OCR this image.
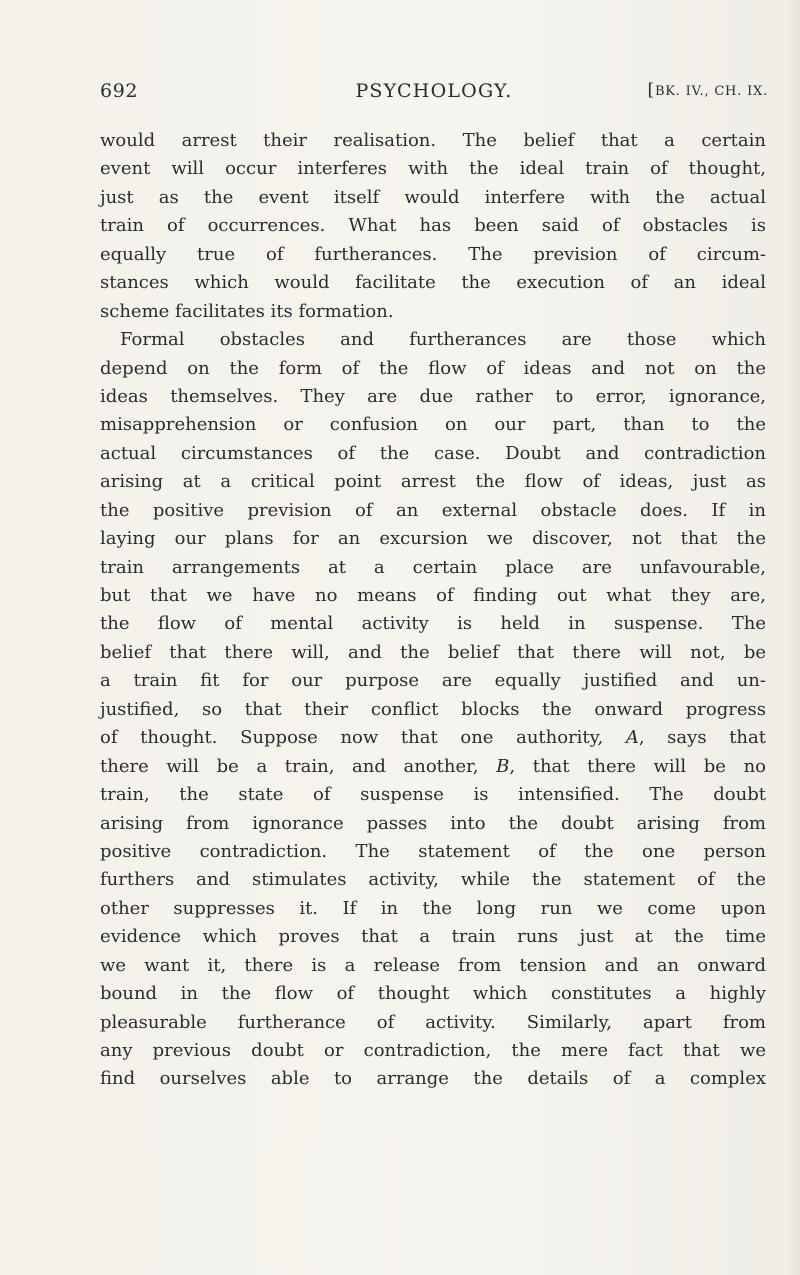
692	PSYCHOLOGY.	[BK. IV., CH. IX.
would arrest their realisation. The belief that a certain
event will occur interferes with the ideal train of thought,
just as the event itself would interfere with the actual
train of occurrences. What has been said of obstacles is
equally true of furtherances. The prevision of circum-
stances which would facilitate the execution of an ideal
scheme facilitates its formation.
Formal obstacles and furtherances are those which
depend on the form of the flow of ideas and not on the
ideas themselves. They are due rather to error, ignorance,
misapprehension or confusion on our part, than to the
actual circumstances of the case. Doubt and contradiction
arising at a critical point arrest the flow of ideas, just as
the positive prevision of an external obstacle does. If in
laying our plans for an excursion we discover, not that the
train arrangements at a certain place are unfavourable,
but that we have no means of finding out what they are,
the flow of mental activity is held in suspense. The
belief that there will, and the belief that there will not, be
a train fit for our purpose are equally justified and un-
justified, so that their conflict blocks the onward progress
of thought. Suppose now that one authority, A, says that
there will be a train, and another, B, that there will be no
train, the state of suspense is intensified. The doubt
arising from ignorance passes into the doubt arising from
positive contradiction. The statement of the one person
furthers and stimulates activity, while the statement of the
other suppresses it. If in the long run we come upon
evidence which proves that a train runs just at the time
we want it, there is a release from tension and an onward
bound in the flow of thought which constitutes a highly
pleasurable furtherance of activity. Similarly, apart from
any previous doubt or contradiction, the mere fact that we
find ourselves able to arrange the details of a complex
